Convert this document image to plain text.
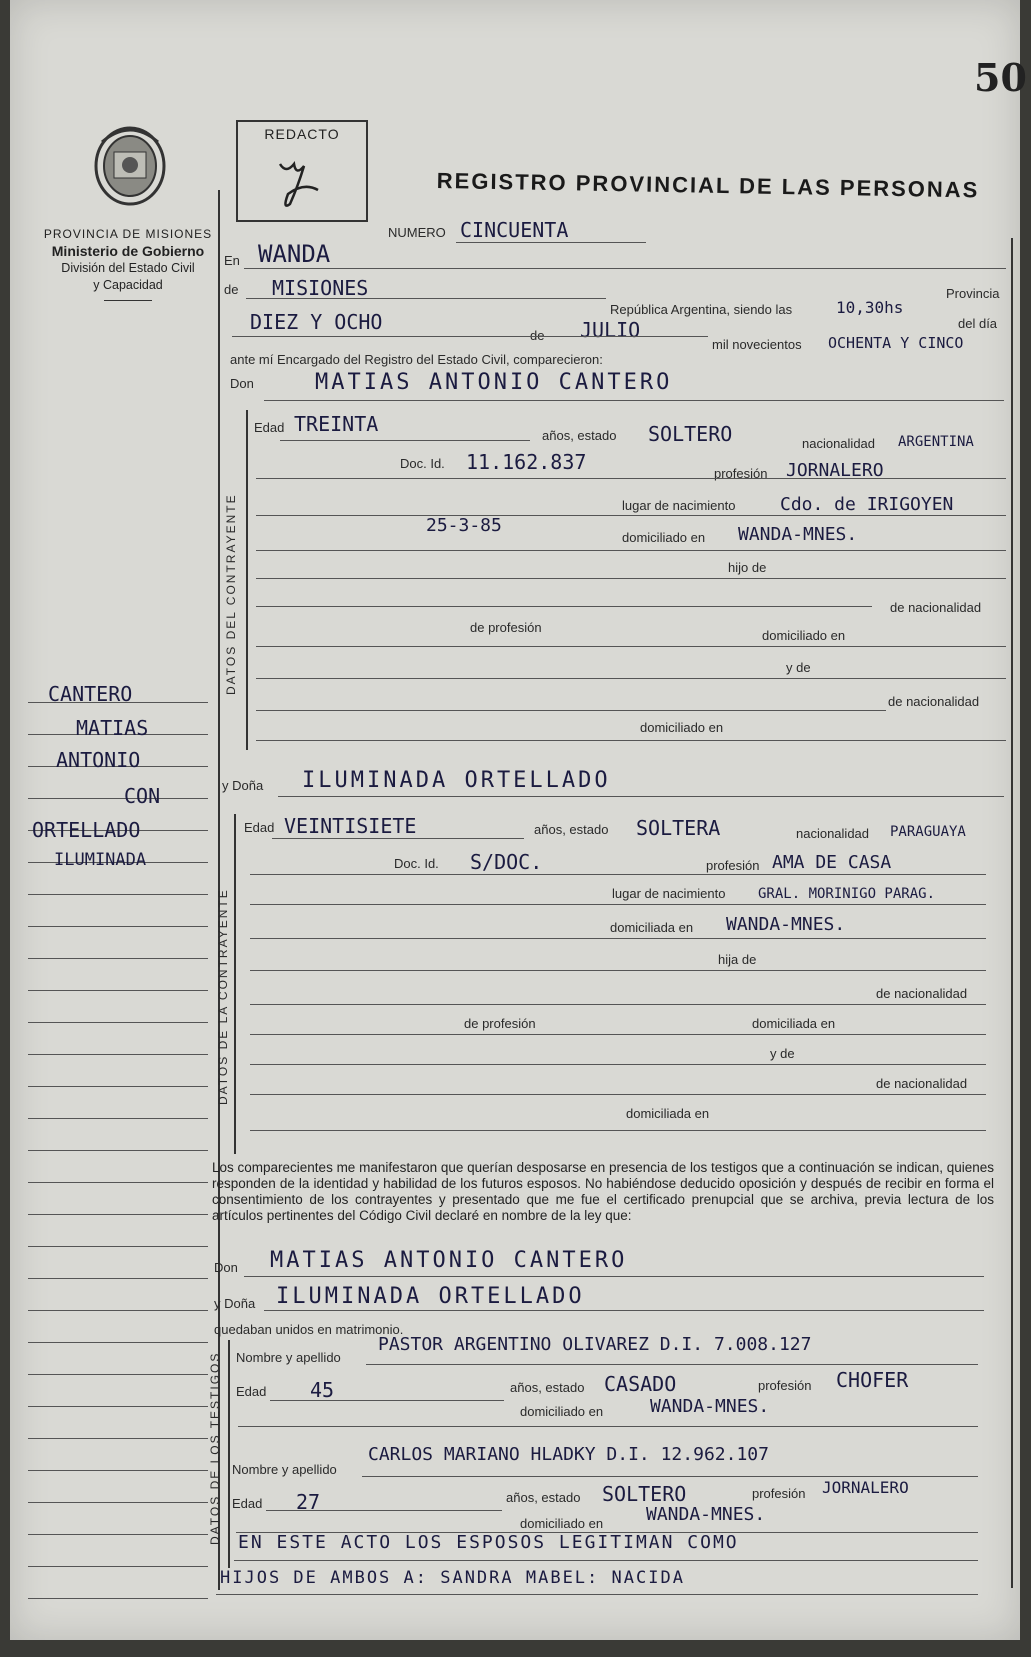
50
REDACTO
REGISTRO PROVINCIAL DE LAS PERSONAS
PROVINCIA DE MISIONES
Ministerio de Gobierno
División del Estado Civil
y Capacidad
NUMERO CINCUENTA
En WANDA
de MISIONES
República Argentina, siendo las	10,30hs
Provincia
del día
DIEZ Y OCHO
de JULIO
mil novecientos OCHENTA Y CINCO
ante mí Encargado del Registro del Estado Civil, comparecieron:
Don	MATIAS ANTONIO CANTERO
DATOS DEL CONTRAYENTE
Edad TREINTA	años, estado SOLTERO	nacionalidad ARGENTINA
Doc. Id. 11.162.837	profesión JORNALERO
lugar de nacimiento Cdo. de IRIGOYEN
25-3-85
domiciliado en WANDA-MNES.
hijo de
de nacionalidad
de profesión
domiciliado en
y de
de nacionalidad
domiciliado en
y Doña ILUMINADA ORTELLADO
DATOS DE LA CONTRAYENTE
Edad VEINTISIETE	años, estado SOLTERA	nacionalidad PARAGUAYA
Doc. Id. S/DOC.	profesión AMA DE CASA
lugar de nacimiento GRAL. MORINIGO PARAG.
domiciliada en WANDA-MNES.
hija de
de nacionalidad
de profesión	domiciliada en
y de
de nacionalidad
domiciliada en
Los comparecientes me manifestaron que querían desposarse en presencia de los testigos que a continuación se indican, quienes responden de la identidad y habilidad de los futuros esposos. No habiéndose deducido oposición y después de recibir en forma el consentimiento de los contrayentes y presentado que me fue el certificado prenupcial que se archiva, previa lectura de los artículos pertinentes del Código Civil declaré en nombre de la ley que:
Don MATIAS ANTONIO CANTERO
y Doña ILUMINADA ORTELLADO
quedaban unidos en matrimonio.
DATOS DE LOS TESTIGOS Nombre y apellido
PASTOR ARGENTINO OLIVAREZ D.I. 7.008.127
Edad 45	años, estado CASADO	profesión CHOFER
domiciliado en	WANDA-MNES.
Nombre y apellido
CARLOS MARIANO HLADKY D.I. 12.962.107
Edad 27	años, estado SOLTERO	profesión JORNALERO
domiciliado en WANDA-MNES.
EN ESTE ACTO LOS ESPOSOS LEGITIMAN COMO
HIJOS DE AMBOS A: SANDRA MABEL: NACIDA
CANTERO
MATIAS
ANTONIO
CON
ORTELLADO
ILUMINADA
